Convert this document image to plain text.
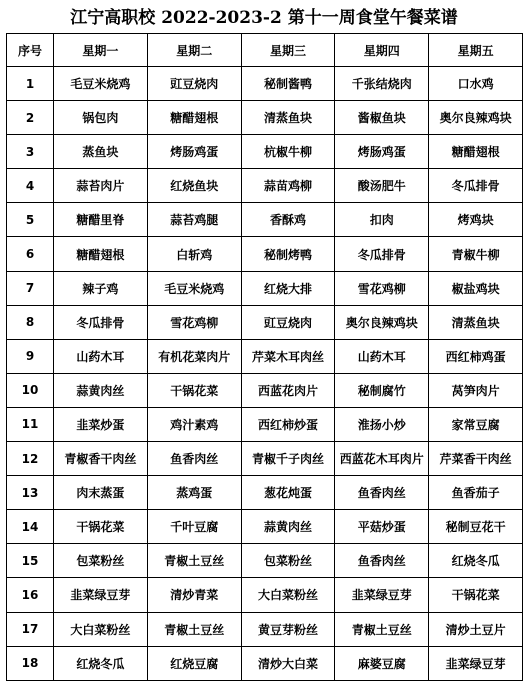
江宁高职校 2022-2023-2 第十一周食堂午餐菜谱
序号	星期一	星期二	星期三	星期四	星期五
1	毛豆米烧鸡	豇豆烧肉	秘制酱鸭	千张结烧肉	口水鸡
2	锅包肉	糖醋翅根	清蒸鱼块	酱椒鱼块	奥尔良辣鸡块
3	蒸鱼块	烤肠鸡蛋	杭椒牛柳	烤肠鸡蛋	糖醋翅根
4	蒜苔肉片	红烧鱼块	蒜苗鸡柳	酸汤肥牛	冬瓜排骨
5	糖醋里脊	蒜苔鸡腿	香酥鸡	扣肉	烤鸡块
6	糖醋翅根	白斩鸡	秘制烤鸭	冬瓜排骨	青椒牛柳
7	辣子鸡	毛豆米烧鸡	红烧大排	雪花鸡柳	椒盐鸡块
8	冬瓜排骨	雪花鸡柳	豇豆烧肉	奥尔良辣鸡块	清蒸鱼块
9	山药木耳	有机花菜肉片	芹菜木耳肉丝	山药木耳	西红柿鸡蛋
10	蒜黄肉丝	干锅花菜	西蓝花肉片	秘制腐竹	莴笋肉片
11	韭菜炒蛋	鸡汁素鸡	西红柿炒蛋	淮扬小炒	家常豆腐
12	青椒香干肉丝	鱼香肉丝	青椒千子肉丝	西蓝花木耳肉片	芹菜香干肉丝
13	肉末蒸蛋	蒸鸡蛋	葱花炖蛋	鱼香肉丝	鱼香茄子
14	干锅花菜	千叶豆腐	蒜黄肉丝	平菇炒蛋	秘制豆花干
15	包菜粉丝	青椒土豆丝	包菜粉丝	鱼香肉丝	红烧冬瓜
16	韭菜绿豆芽	清炒青菜	大白菜粉丝	韭菜绿豆芽	干锅花菜
17	大白菜粉丝	青椒土豆丝	黄豆芽粉丝	青椒土豆丝	清炒土豆片
18	红烧冬瓜	红烧豆腐	清炒大白菜	麻婆豆腐	韭菜绿豆芽
